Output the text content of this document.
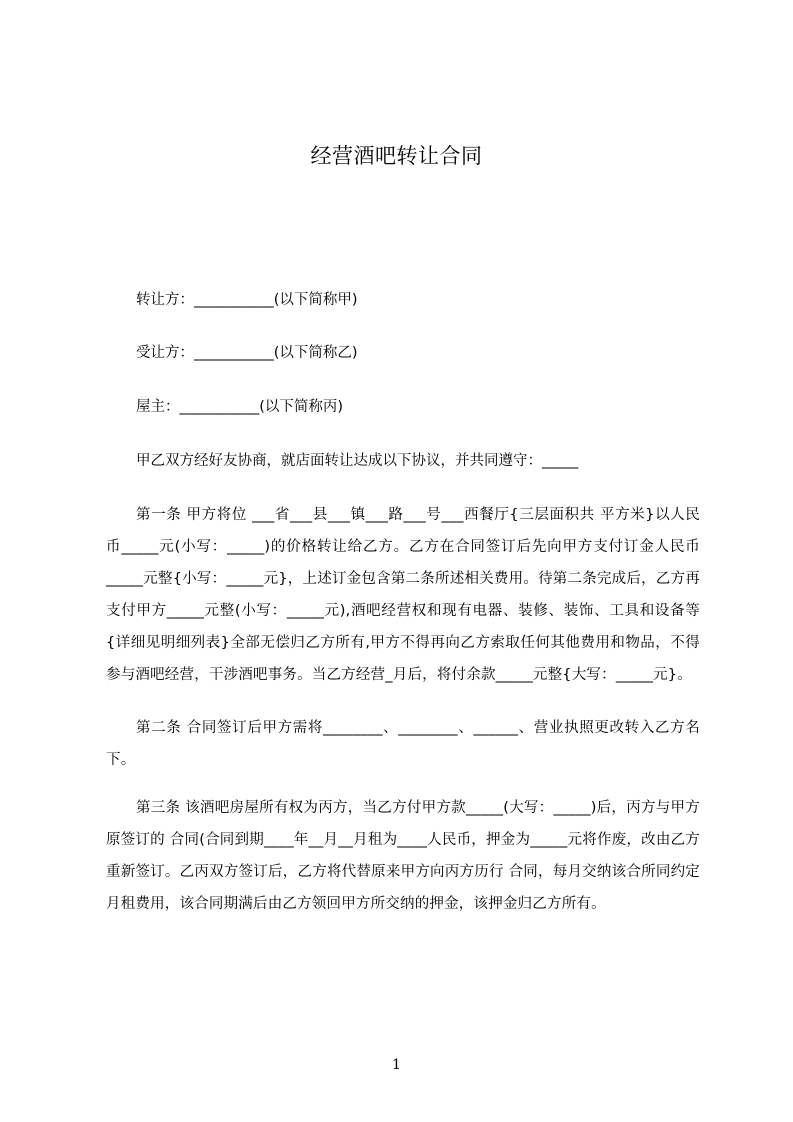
经营酒吧转让合同
转让方：___________(以下简称甲)
受让方：___________(以下简称乙)
屋主：___________(以下简称丙)
甲乙双方经好友协商，就店面转让达成以下协议，并共同遵守：_____
第一条 甲方将位 ___省___县___镇___路___号___西餐厅{三层面积共 平方米}以人民币_____元(小写：_____)的价格转让给乙方。乙方在合同签订后先向甲方支付订金人民币_____元整{小写：_____元}，上述订金包含第二条所述相关费用。待第二条完成后，乙方再支付甲方_____元整(小写：_____元),酒吧经营权和现有电器、装修、装饰、工具和设备等{详细见明细列表}全部无偿归乙方所有,甲方不得再向乙方索取任何其他费用和物品，不得参与酒吧经营，干涉酒吧事务。当乙方经营_月后，将付余款_____元整{大写：_____元}。
第二条 合同签订后甲方需将________、________、______、营业执照更改转入乙方名下。
第三条 该酒吧房屋所有权为丙方，当乙方付甲方款_____(大写：_____)后，丙方与甲方原签订的 合同(合同到期____年__月__月租为____人民币，押金为_____元将作废，改由乙方重新签订。乙丙双方签订后，乙方将代替原来甲方向丙方历行 合同，每月交纳该合所同约定月租费用，该合同期满后由乙方领回甲方所交纳的押金，该押金归乙方所有。
1
